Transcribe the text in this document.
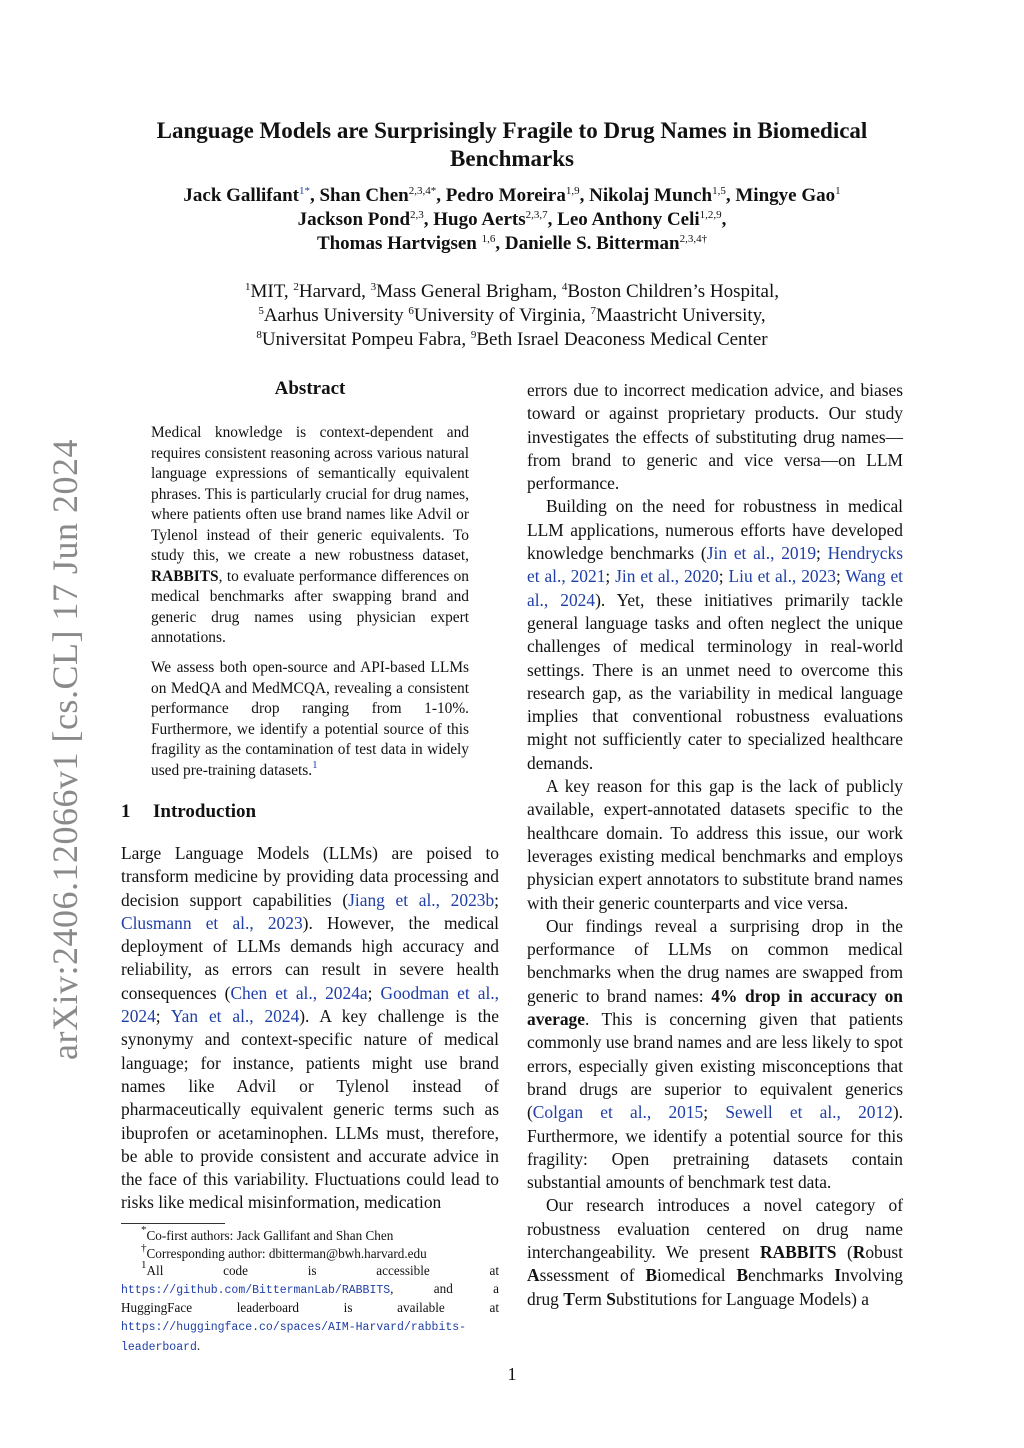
arXiv:2406.12066v1 [cs.CL] 17 Jun 2024
Language Models are Surprisingly Fragile to Drug Names in Biomedical Benchmarks
Jack Gallifant$^{1*}$, Shan Chen$^{2,3,4*}$, Pedro Moreira$^{1,9}$, Nikolaj Munch$^{1,5}$, Mingye Gao$^1$
Jackson Pond$^{2,3}$, Hugo Aerts$^{2,3,7}$, Leo Anthony Celi$^{1,2,9}$,
Thomas Hartvigsen $^{1,6}$, Danielle S. Bitterman$^{2,3,4\dagger}$
$^1$MIT, $^2$Harvard, $^3$Mass General Brigham, $^4$Boston Children’s Hospital,
$^5$Aarhus University $^6$University of Virginia, $^7$Maastricht University,
$^8$Universitat Pompeu Fabra, $^9$Beth Israel Deaconess Medical Center
Abstract
Medical knowledge is context-dependent and requires consistent reasoning across various natural language expressions of semantically equivalent phrases. This is particularly crucial for drug names, where patients often use brand names like Advil or Tylenol instead of their generic equivalents. To study this, we create a new robustness dataset, RABBITS, to evaluate performance differences on medical benchmarks after swapping brand and generic drug names using physician expert annotations.
We assess both open-source and API-based LLMs on MedQA and MedMCQA, revealing a consistent performance drop ranging from 1-10%. Furthermore, we identify a potential source of this fragility as the contamination of test data in widely used pre-training datasets.$^1$
1 Introduction

Large Language Models (LLMs) are poised to transform medicine by providing data processing and decision support capabilities (Jiang et al., 2023b; Clusmann et al., 2023). However, the medical deployment of LLMs demands high accuracy and reliability, as errors can result in severe health consequences (Chen et al., 2024a; Goodman et al., 2024; Yan et al., 2024). A key challenge is the synonymy and context-specific nature of medical language; for instance, patients might use brand names like Advil or Tylenol instead of pharmaceutically equivalent generic terms such as ibuprofen or acetaminophen. LLMs must, therefore, be able to provide consistent and accurate advice in the face of this variability. Fluctuations could lead to risks like medical misinformation, medication

*Co-first authors: Jack Gallifant and Shan Chen

†Corresponding author: dbitterman@bwh.harvard.edu

$^1$All code is accessible at https://github.com/BittermanLab/RABBITS, and a HuggingFace leaderboard is available at https://huggingface.co/spaces/AIM-Harvard/rabbits-leaderboard.

errors due to incorrect medication advice, and biases toward or against proprietary products. Our study investigates the effects of substituting drug names—from brand to generic and vice versa—on LLM performance.

Building on the need for robustness in medical LLM applications, numerous efforts have developed knowledge benchmarks (Jin et al., 2019; Hendrycks et al., 2021; Jin et al., 2020; Liu et al., 2023; Wang et al., 2024). Yet, these initiatives primarily tackle general language tasks and often neglect the unique challenges of medical terminology in real-world settings. There is an unmet need to overcome this research gap, as the variability in medical language implies that conventional robustness evaluations might not sufficiently cater to specialized healthcare demands.

A key reason for this gap is the lack of publicly available, expert-annotated datasets specific to the healthcare domain. To address this issue, our work leverages existing medical benchmarks and employs physician expert annotators to substitute brand names with their generic counterparts and vice versa.

Our findings reveal a surprising drop in the performance of LLMs on common medical benchmarks when the drug names are swapped from generic to brand names: 4% drop in accuracy on average. This is concerning given that patients commonly use brand names and are less likely to spot errors, especially given existing misconceptions that brand drugs are superior to equivalent generics (Colgan et al., 2015; Sewell et al., 2012). Furthermore, we identify a potential source for this fragility: Open pretraining datasets contain substantial amounts of benchmark test data.

Our research introduces a novel category of robustness evaluation centered on drug name interchangeability. We present RABBITS (Robust Assessment of Biomedical Benchmarks Involving drug Term Substitutions for Language Models) a

1
